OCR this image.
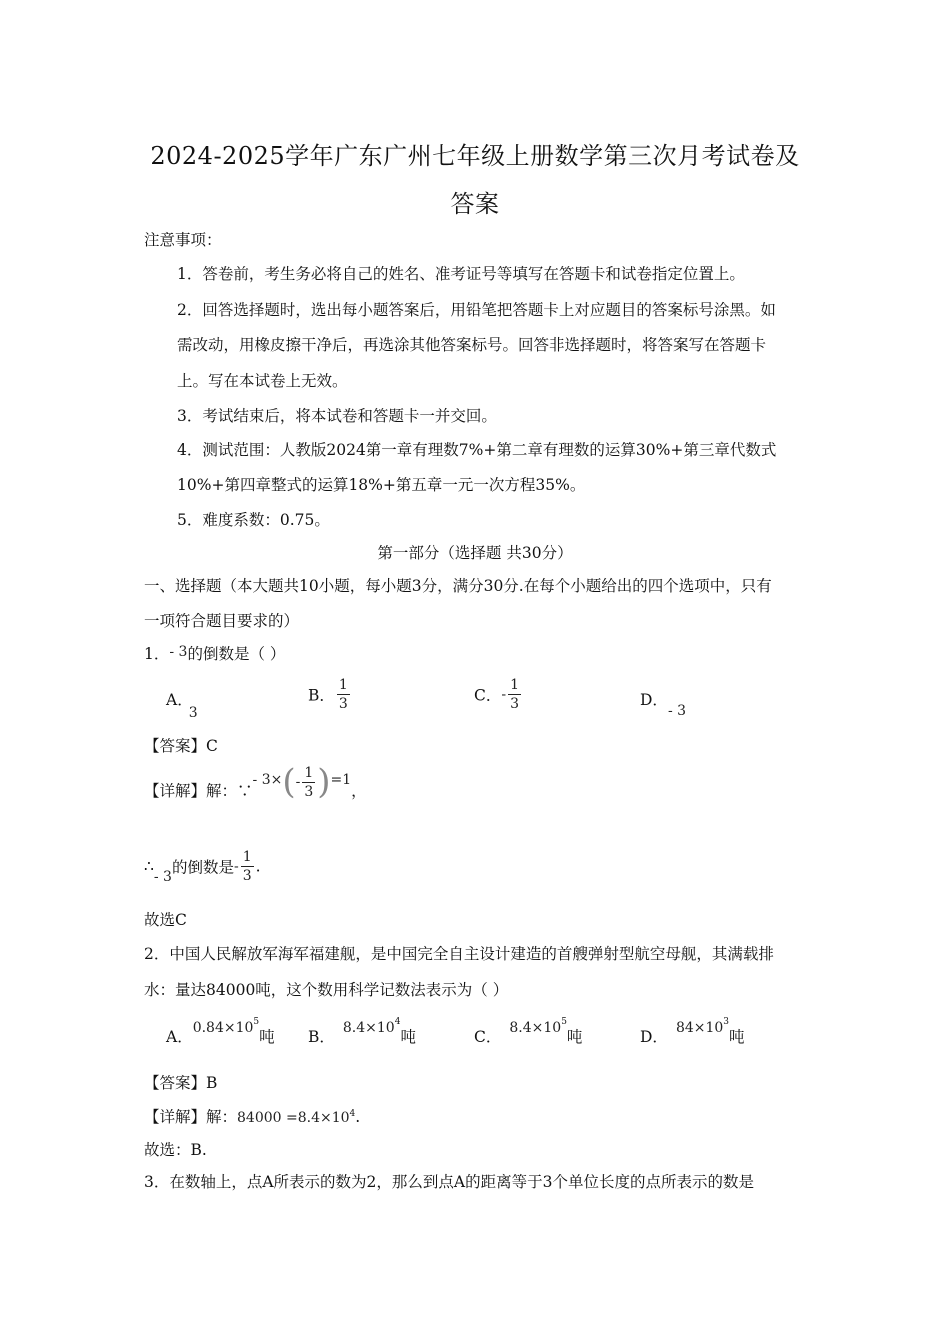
2024-2025学年广东广州七年级上册数学第三次月考试卷及
答案
注意事项：
1．答卷前，考生务必将自己的姓名、准考证号等填写在答题卡和试卷指定位置上。
2．回答选择题时，选出每小题答案后，用铅笔把答题卡上对应题目的答案标号涂黑。如
需改动，用橡皮擦干净后，再选涂其他答案标号。回答非选择题时，将答案写在答题卡
上。写在本试卷上无效。
3．考试结束后，将本试卷和答题卡一并交回。
4．测试范围：人教版2024第一章有理数7%+第二章有理数的运算30%+第三章代数式
10%+第四章整式的运算18%+第五章一元一次方程35%。
5．难度系数：0.75。
第一部分（选择题 共30分）
一、选择题（本大题共10小题，每小题3分，满分30分.在每个小题给出的四个选项中，只有
一项符合题目要求的）
1．- 3的倒数是（ ）
A．3
B． $\frac{1}{3}$	C．- $\frac{1}{3}$	D．- 3
【答案】C
【详解】解：∵- $3\times(- \frac{1}{3} )=1$，
∴- 3的倒数是- $\frac{1}{3}$ .
故选C
2．中国人民解放军海军福建舰，是中国完全自主设计建造的首艘弹射型航空母舰，其满载排
水：量达84000吨，这个数用科学记数法表示为（ ）
A．$0.84\times 10^5$吨 B． $8.4\times 10^4$吨	C． $8.4\times 10^5$吨	D． $84\times 10^3$吨
【答案】B
【详解】解：$84000 =8.4\times 10^4$.
故选：B.
3．在数轴上，点A所表示的数为2，那么到点A的距离等于3个单位长度的点所表示的数是
